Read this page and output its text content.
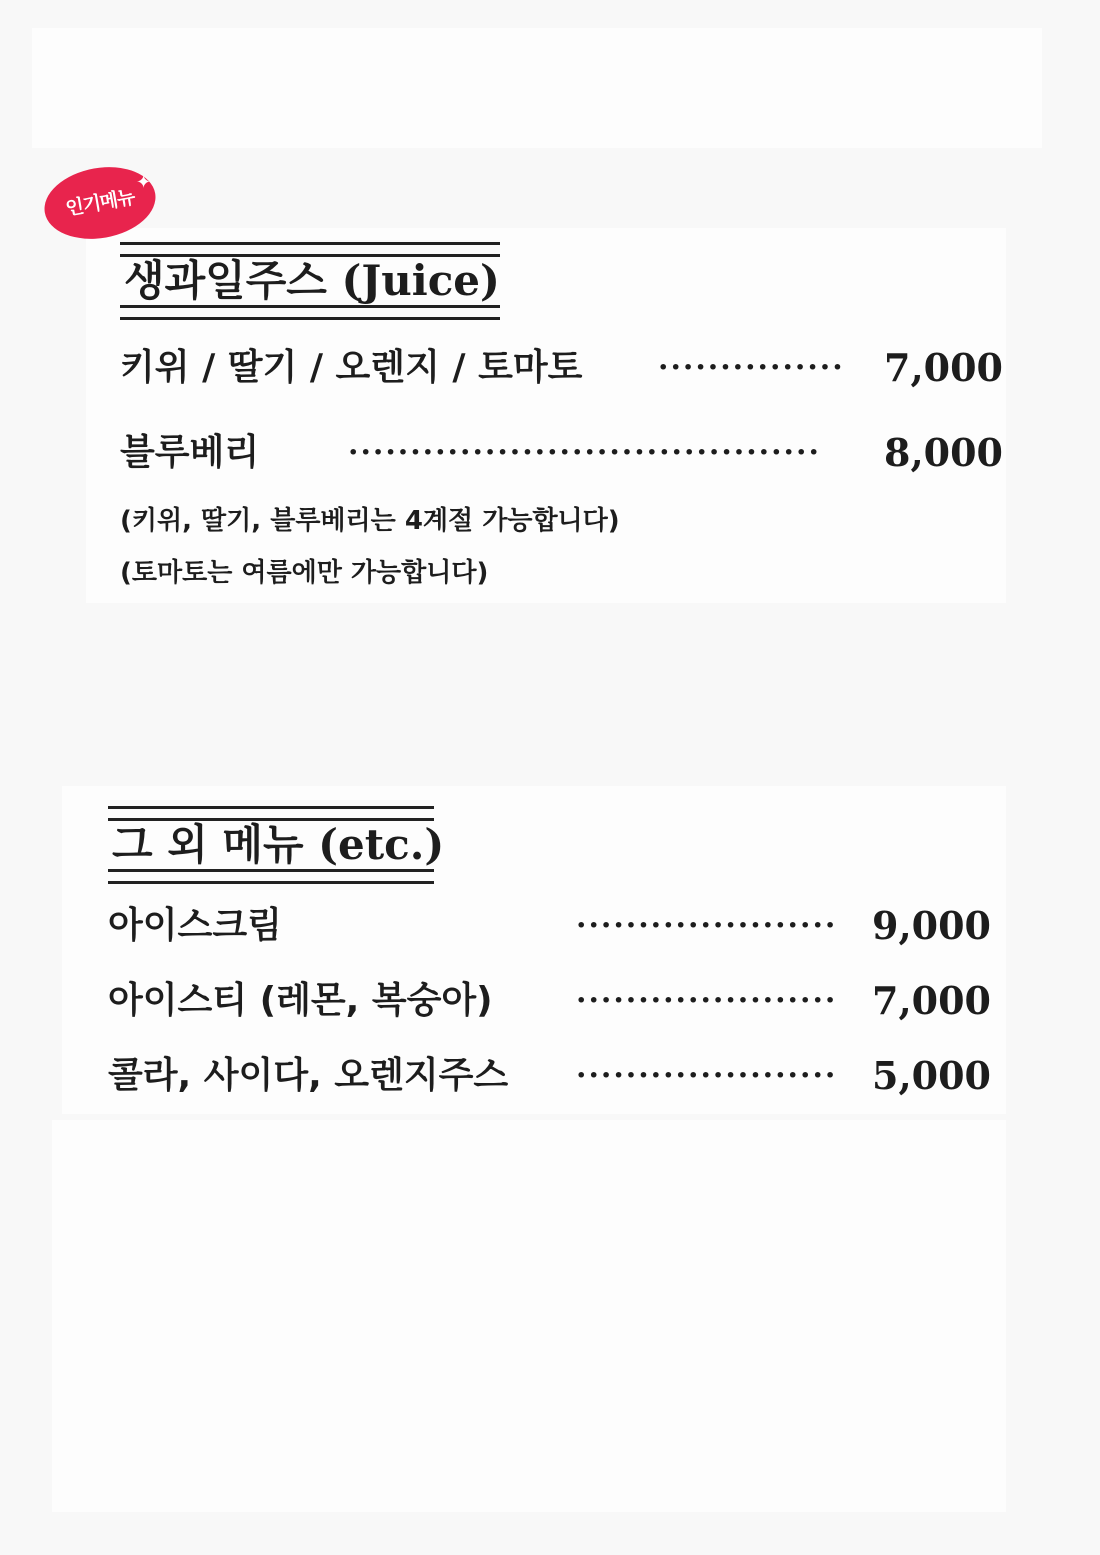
인기메뉴
✦
생과일주스 (Juice)
키위 / 딸기 / 오렌지 / 토마토	··············· 7,000
블루베리	······································	8,000
(키위, 딸기, 블루베리는 4계절 가능합니다)
(토마토는 여름에만 가능합니다)
그 외 메뉴 (etc.)
아이스크림	····················· 9,000
아이스티 (레몬, 복숭아)	····················· 7,000
콜라, 사이다, 오렌지주스 ····················· 5,000
